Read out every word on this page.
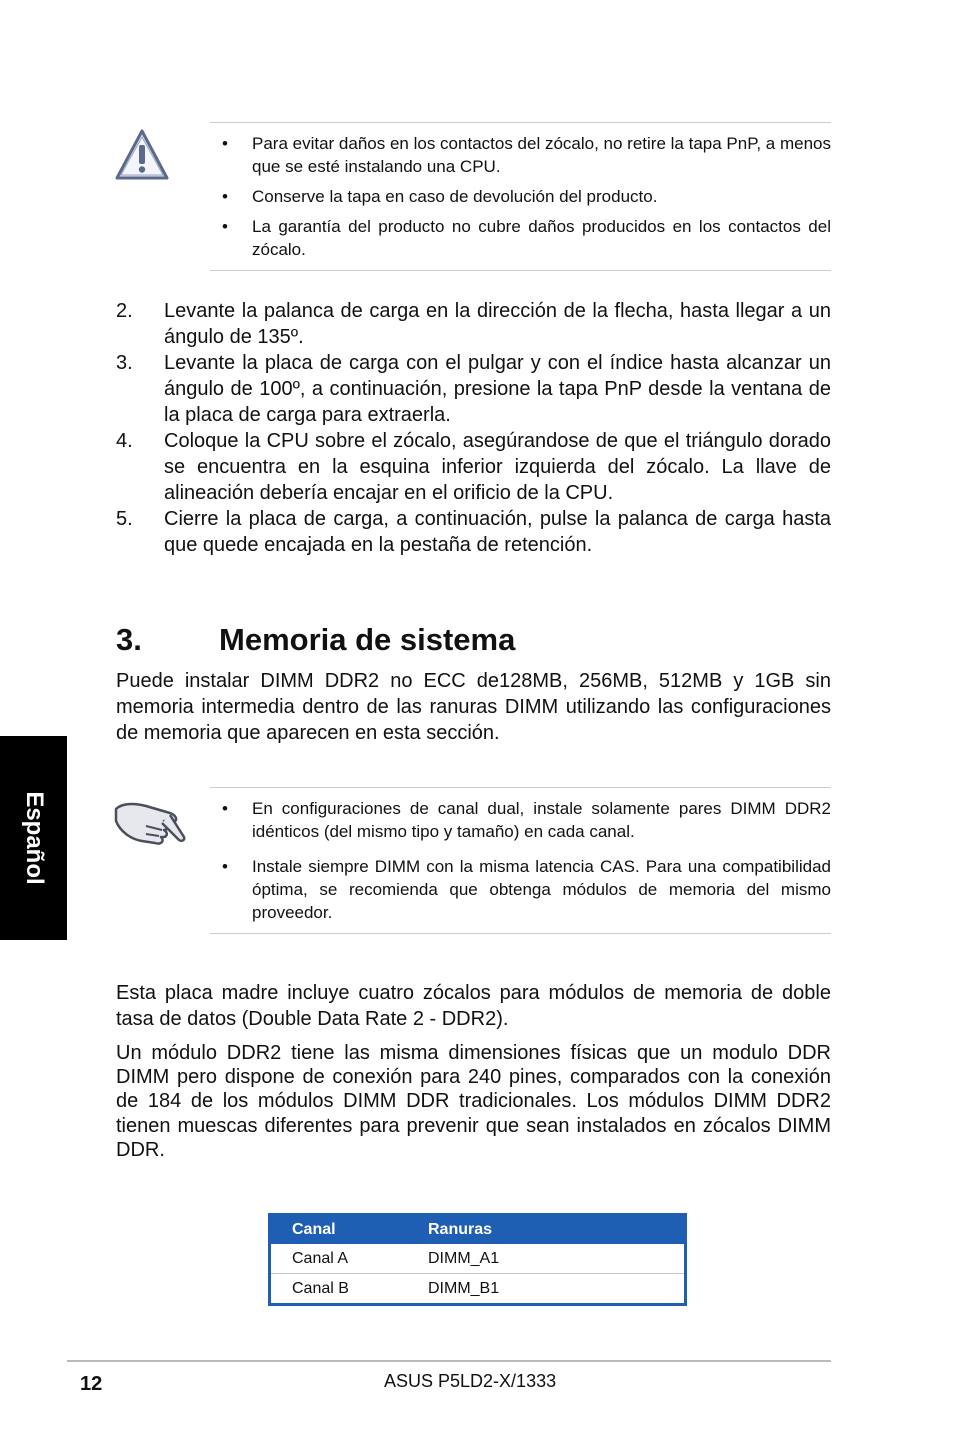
• Para evitar daños en los contactos del zócalo, no retire la tapa PnP, a menos que se esté instalando una CPU.
• Conserve la tapa en caso de devolución del producto.
• La garantía del producto no cubre daños producidos en los contactos del zócalo.
2. Levante la palanca de carga en la dirección de la flecha, hasta llegar a un ángulo de 135º.
3. Levante la placa de carga con el pulgar y con el índice hasta alcanzar un ángulo de 100º, a continuación, presione la tapa PnP desde la ventana de la placa de carga para extraerla.
4. Coloque la CPU sobre el zócalo, asegúrandose de que el triángulo dorado se encuentra en la esquina inferior izquierda del zócalo. La llave de alineación debería encajar en el orificio de la CPU.
5. Cierre la placa de carga, a continuación, pulse la palanca de carga hasta que quede encajada en la pestaña de retención.
3. Memoria de sistema

Puede instalar DIMM DDR2 no ECC de128MB, 256MB, 512MB y 1GB sin memoria intermedia dentro de las ranuras DIMM utilizando las configuraciones de memoria que aparecen en esta sección.

Español	• En configuraciones de canal dual, instale solamente pares DIMM DDR2 idénticos (del mismo tipo y tamaño) en cada canal.
• Instale siempre DIMM con la misma latencia CAS. Para una compatibilidad óptima, se recomienda que obtenga módulos de memoria del mismo proveedor.

Esta placa madre incluye cuatro zócalos para módulos de memoria de doble tasa de datos (Double Data Rate 2 - DDR2).

Un módulo DDR2 tiene las misma dimensiones físicas que un modulo DDR DIMM pero dispone de conexión para 240 pines, comparados con la conexión de 184 de los módulos DIMM DDR tradicionales. Los módulos DIMM DDR2 tienen muescas diferentes para prevenir que sean instalados en zócalos DIMM DDR.

Canal	Ranuras
Canal A	DIMM_A1
Canal B	DIMM_B1
12	ASUS P5LD2-X/1333
